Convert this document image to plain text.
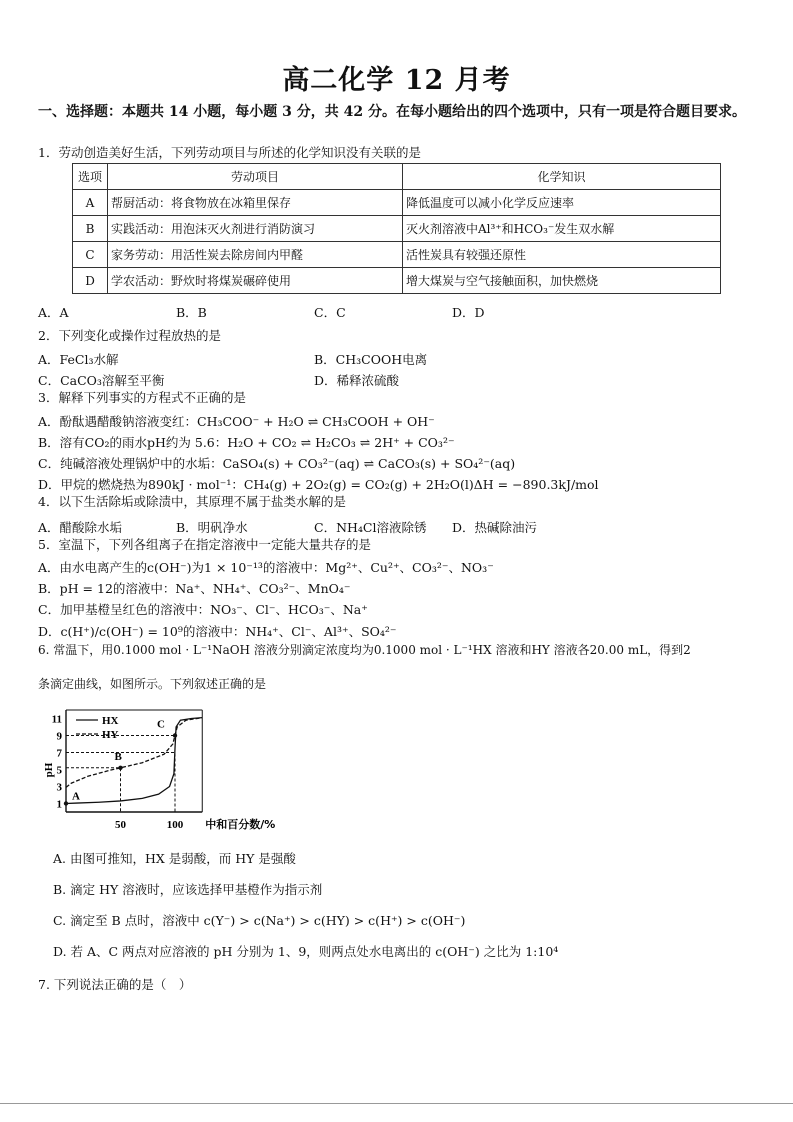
高二化学 12 月考
一、选择题：本题共 14 小题，每小题 3 分，共 42 分。在每小题给出的四个选项中，只有一项是符合题目要求。
1．劳动创造美好生活，下列劳动项目与所述的化学知识没有关联的是
选项	劳动项目	化学知识
A	帮厨活动：将食物放在冰箱里保存	降低温度可以减小化学反应速率
B	实践活动：用泡沫灭火剂进行消防演习	灭火剂溶液中Al³⁺和HCO₃⁻发生双水解
C	家务劳动：用活性炭去除房间内甲醛	活性炭具有较强还原性
D	学农活动：野炊时将煤炭碾碎使用	增大煤炭与空气接触面积，加快燃烧
A．A	B．B	C．C	D．D
2．下列变化或操作过程放热的是
A．FeCl₃水解	B．CH₃COOH电离
C．CaCO₃溶解至平衡	D．稀释浓硫酸
3．解释下列事实的方程式不正确的是
A．酚酞遇醋酸钠溶液变红：CH₃COO⁻ + H₂O ⇌ CH₃COOH + OH⁻
B．溶有CO₂的雨水pH约为 5.6：H₂O + CO₂ ⇌ H₂CO₃ ⇌ 2H⁺ + CO₃²⁻
C．纯碱溶液处理锅炉中的水垢：CaSO₄(s) + CO₃²⁻(aq) ⇌ CaCO₃(s) + SO₄²⁻(aq)
D．甲烷的燃烧热为890kJ · mol⁻¹：CH₄(g) + 2O₂(g) = CO₂(g) + 2H₂O(l)ΔH = −890.3kJ/mol
4．以下生活除垢或除渍中，其原理不属于盐类水解的是
A．醋酸除水垢	B．明矾净水	C．NH₄Cl溶液除锈 D．热碱除油污
5．室温下，下列各组离子在指定溶液中一定能大量共存的是
A．由水电离产生的c(OH⁻)为1 × 10⁻¹³的溶液中：Mg²⁺、Cu²⁺、CO₃²⁻、NO₃⁻
B．pH = 12的溶液中：Na⁺、NH₄⁺、CO₃²⁻、MnO₄⁻
C．加甲基橙呈红色的溶液中：NO₃⁻、Cl⁻、HCO₃⁻、Na⁺
D．c(H⁺)/c(OH⁻) = 10⁹的溶液中：NH₄⁺、Cl⁻、Al³⁺、SO₄²⁻
6. 常温下，用0.1000 mol · L⁻¹NaOH 溶液分别滴定浓度均为0.1000 mol · L⁻¹HX 溶液和HY 溶液各20.00 mL，得到2
条滴定曲线，如图所示。下列叙述正确的是
1
3
5
7
9
11
50	100 中和百分数/%
pH
HX
HY
A
B
C
A. 由图可推知，HX 是弱酸，而 HY 是强酸
B. 滴定 HY 溶液时，应该选择甲基橙作为指示剂
C. 滴定至 B 点时，溶液中 c(Y⁻) > c(Na⁺) > c(HY) > c(H⁺) > c(OH⁻)
D. 若 A、C 两点对应溶液的 pH 分别为 1、9，则两点处水电离出的 c(OH⁻) 之比为 1:10⁴
7. 下列说法正确的是（　）
